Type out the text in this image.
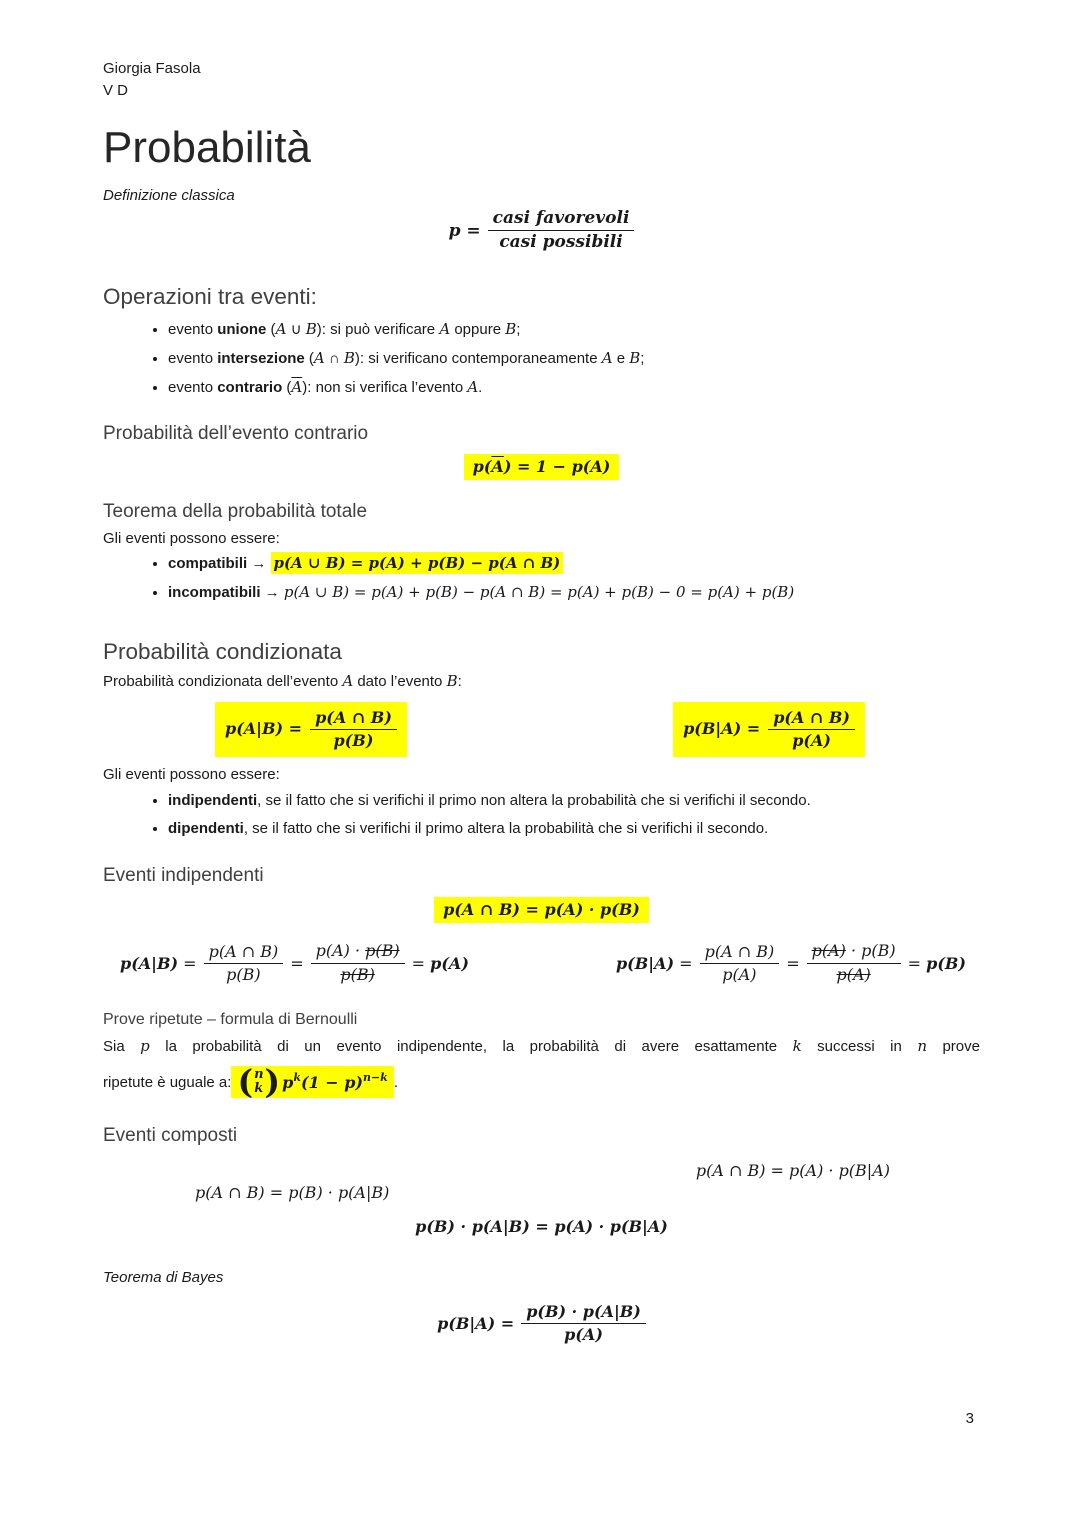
Giorgia Fasola
V D
Probabilità
Definizione classica
$p = \frac{\text{casi favorevoli}}{\text{casi possibili}}$
Operazioni tra eventi:
• evento unione (A ∪ B): si può verificare A oppure B;
• evento intersezione (A ∩ B): si verificano contemporaneamente A e B;
• evento contrario $(\overline{A})$: non si verifica l’evento A.
Probabilità dell’evento contrario
$p(\overline{A}) = 1 - p(A)$
Teorema della probabilità totale
Gli eventi possono essere:
• compatibili → p(A ∪ B) = p(A) + p(B) − p(A ∩ B)
• incompatibili → p(A ∪ B) = p(A) + p(B) − p(A ∩ B) = p(A) + p(B) − 0 = p(A) + p(B)
Probabilità condizionata
Probabilità condizionata dell’evento A dato l’evento B:
$p(A|B) = \frac{p(A \cap B)}{p(B)}$	$p(B|A) = \frac{p(A \cap B)}{p(A)}$
Gli eventi possono essere:
• indipendenti, se il fatto che si verifichi il primo non altera la probabilità che si verifichi il secondo.
• dipendenti, se il fatto che si verifichi il primo altera la probabilità che si verifichi il secondo.
Eventi indipendenti
p(A ∩ B) = p(A) · p(B)
$p(A|B) = \frac{p(A \cap B)}{p(B)} = \frac{p(A) \cdot p(B)}{p(B)} = p(A)$	$p(B|A) = \frac{p(A \cap B)}{p(A)} = \frac{p(A) \cdot p(B)}{p(A)} = p(B)$
Prove ripetute – formula di Bernoulli
Sia p la probabilità di un evento indipendente, la probabilità di avere esattamente k successi in n prove
ripetute è uguale a: ( n
k ) $p^k(1 - p)^{n-k}$ .
Eventi composti
p(A ∩ B) = p(A) · p(B|A)
p(A ∩ B) = p(B) · p(A|B)
p(B) · p(A|B) = p(A) · p(B|A)
Teorema di Bayes
$p(B|A) = \frac{p(B) \cdot p(A|B)}{p(A)}$
3
